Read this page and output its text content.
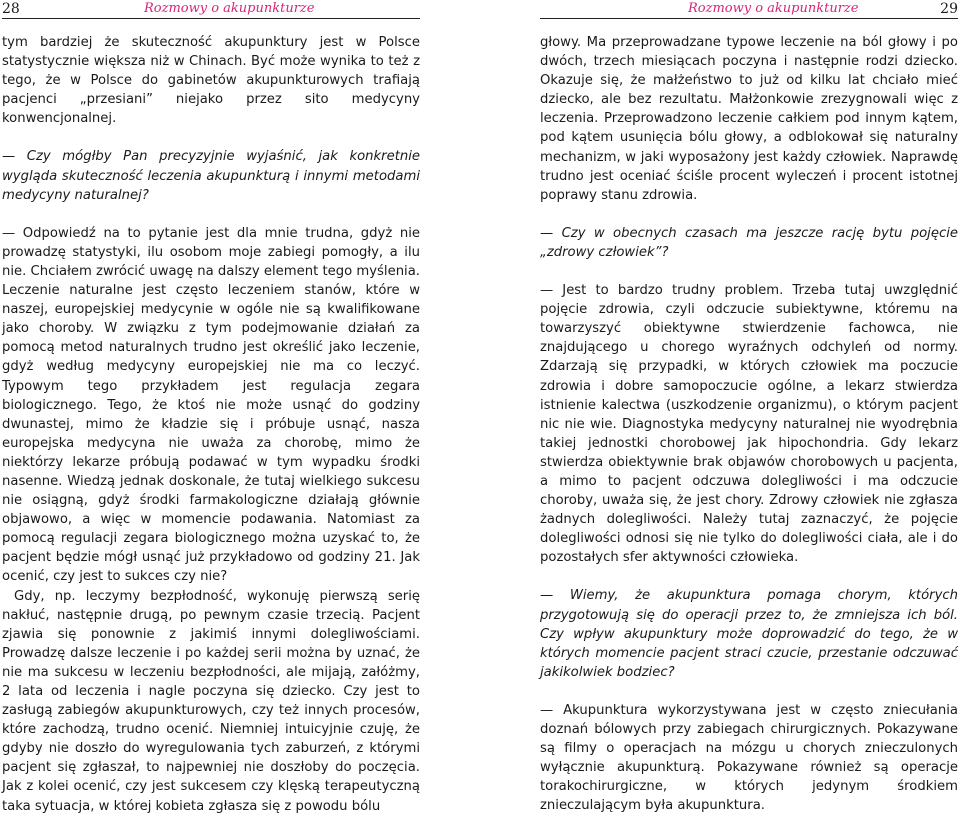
28	Rozmowy o akupunkturze

tym bardziej że skuteczność akupunktury jest w Polsce statystycznie większa niż w Chinach. Być może wynika to też z tego, że w Polsce do gabinetów akupunkturowych trafiają pacjenci „przesiani” niejako przez sito medycyny konwencjonalnej.

— Czy mógłby Pan precyzyjnie wyjaśnić, jak konkretnie wygląda skuteczność leczenia akupunkturą i innymi metodami medycyny naturalnej?

— Odpowiedź na to pytanie jest dla mnie trudna, gdyż nie prowadzę statystyki, ilu osobom moje zabiegi pomogły, a ilu nie. Chciałem zwrócić uwagę na dalszy element tego myślenia. Leczenie naturalne jest często leczeniem stanów, które w naszej, europejskiej medycynie w ogóle nie są kwalifikowane jako choroby. W związku z tym podejmowanie działań za pomocą metod naturalnych trudno jest określić jako leczenie, gdyż według medycyny europejskiej nie ma co leczyć. Typowym tego przykładem jest regulacja zegara biologicznego. Tego, że ktoś nie może usnąć do godziny dwunastej, mimo że kładzie się i próbuje usnąć, nasza europejska medycyna nie uważa za chorobę, mimo że niektórzy lekarze próbują podawać w tym wypadku środki nasenne. Wiedzą jednak doskonale, że tutaj wielkiego sukcesu nie osiągną, gdyż środki farmakologiczne działają głównie objawowo, a więc w momencie podawania. Natomiast za pomocą regulacji zegara biologicznego można uzyskać to, że pacjent będzie mógł usnąć już przykładowo od godziny 21. Jak ocenić, czy jest to sukces czy nie?

Gdy, np. leczymy bezpłodność, wykonuję pierwszą serię nakłuć, następnie drugą, po pewnym czasie trzecią. Pacjent zjawia się ponownie z jakimiś innymi dolegliwościami. Prowadzę dalsze leczenie i po każdej serii można by uznać, że nie ma sukcesu w leczeniu bezpłodności, ale mijają, załóżmy, 2 lata od leczenia i nagle poczyna się dziecko. Czy jest to zasługą zabiegów akupunkturowych, czy też innych procesów, które zachodzą, trudno ocenić. Niemniej intuicyjnie czuję, że gdyby nie doszło do wyregulowania tych zaburzeń, z którymi pacjent się zgłaszał, to najpewniej nie doszłoby do poczęcia. Jak z kolei ocenić, czy jest sukcesem czy klęską terapeutyczną taka sytuacja, w której kobieta zgłasza się z powodu bólu

Rozmowy o akupunkturze	29

głowy. Ma przeprowadzane typowe leczenie na ból głowy i po dwóch, trzech miesiącach poczyna i następnie rodzi dziecko. Okazuje się, że małżeństwo to już od kilku lat chciało mieć dziecko, ale bez rezultatu. Małżonkowie zrezygnowali więc z leczenia. Przeprowadzono leczenie całkiem pod innym kątem, pod kątem usunięcia bólu głowy, a odblokował się naturalny mechanizm, w jaki wyposażony jest każdy człowiek. Naprawdę trudno jest oceniać ściśle procent wyleczeń i procent istotnej poprawy stanu zdrowia.

— Czy w obecnych czasach ma jeszcze rację bytu pojęcie „zdrowy człowiek”?

— Jest to bardzo trudny problem. Trzeba tutaj uwzględnić pojęcie zdrowia, czyli odczucie subiektywne, któremu na towarzyszyć obiektywne stwierdzenie fachowca, nie znajdującego u chorego wyraźnych odchyleń od normy. Zdarzają się przypadki, w których człowiek ma poczucie zdrowia i dobre samopoczucie ogólne, a lekarz stwierdza istnienie kalectwa (uszkodzenie organizmu), o którym pacjent nic nie wie. Diagnostyka medycyny naturalnej nie wyodrębnia takiej jednostki chorobowej jak hipochondria. Gdy lekarz stwierdza obiektywnie brak objawów chorobowych u pacjenta, a mimo to pacjent odczuwa dolegliwości i ma odczucie choroby, uważa się, że jest chory. Zdrowy człowiek nie zgłasza żadnych dolegliwości. Należy tutaj zaznaczyć, że pojęcie dolegliwości odnosi się nie tylko do dolegliwości ciała, ale i do pozostałych sfer aktywności człowieka.

— Wiemy, że akupunktura pomaga chorym, których przygotowują się do operacji przez to, że zmniejsza ich ból. Czy wpływ akupunktury może doprowadzić do tego, że w których momencie pacjent straci czucie, przestanie odczuwać jakikolwiek bodziec?

— Akupunktura wykorzystywana jest w często zniecułania doznań bólowych przy zabiegach chirurgicznych. Pokazywane są filmy o operacjach na mózgu u chorych znieczulonych wyłącznie akupunkturą. Pokazywane również są operacje torakochirurgiczne, w których jedynym środkiem znieczulającym była akupunktura.
